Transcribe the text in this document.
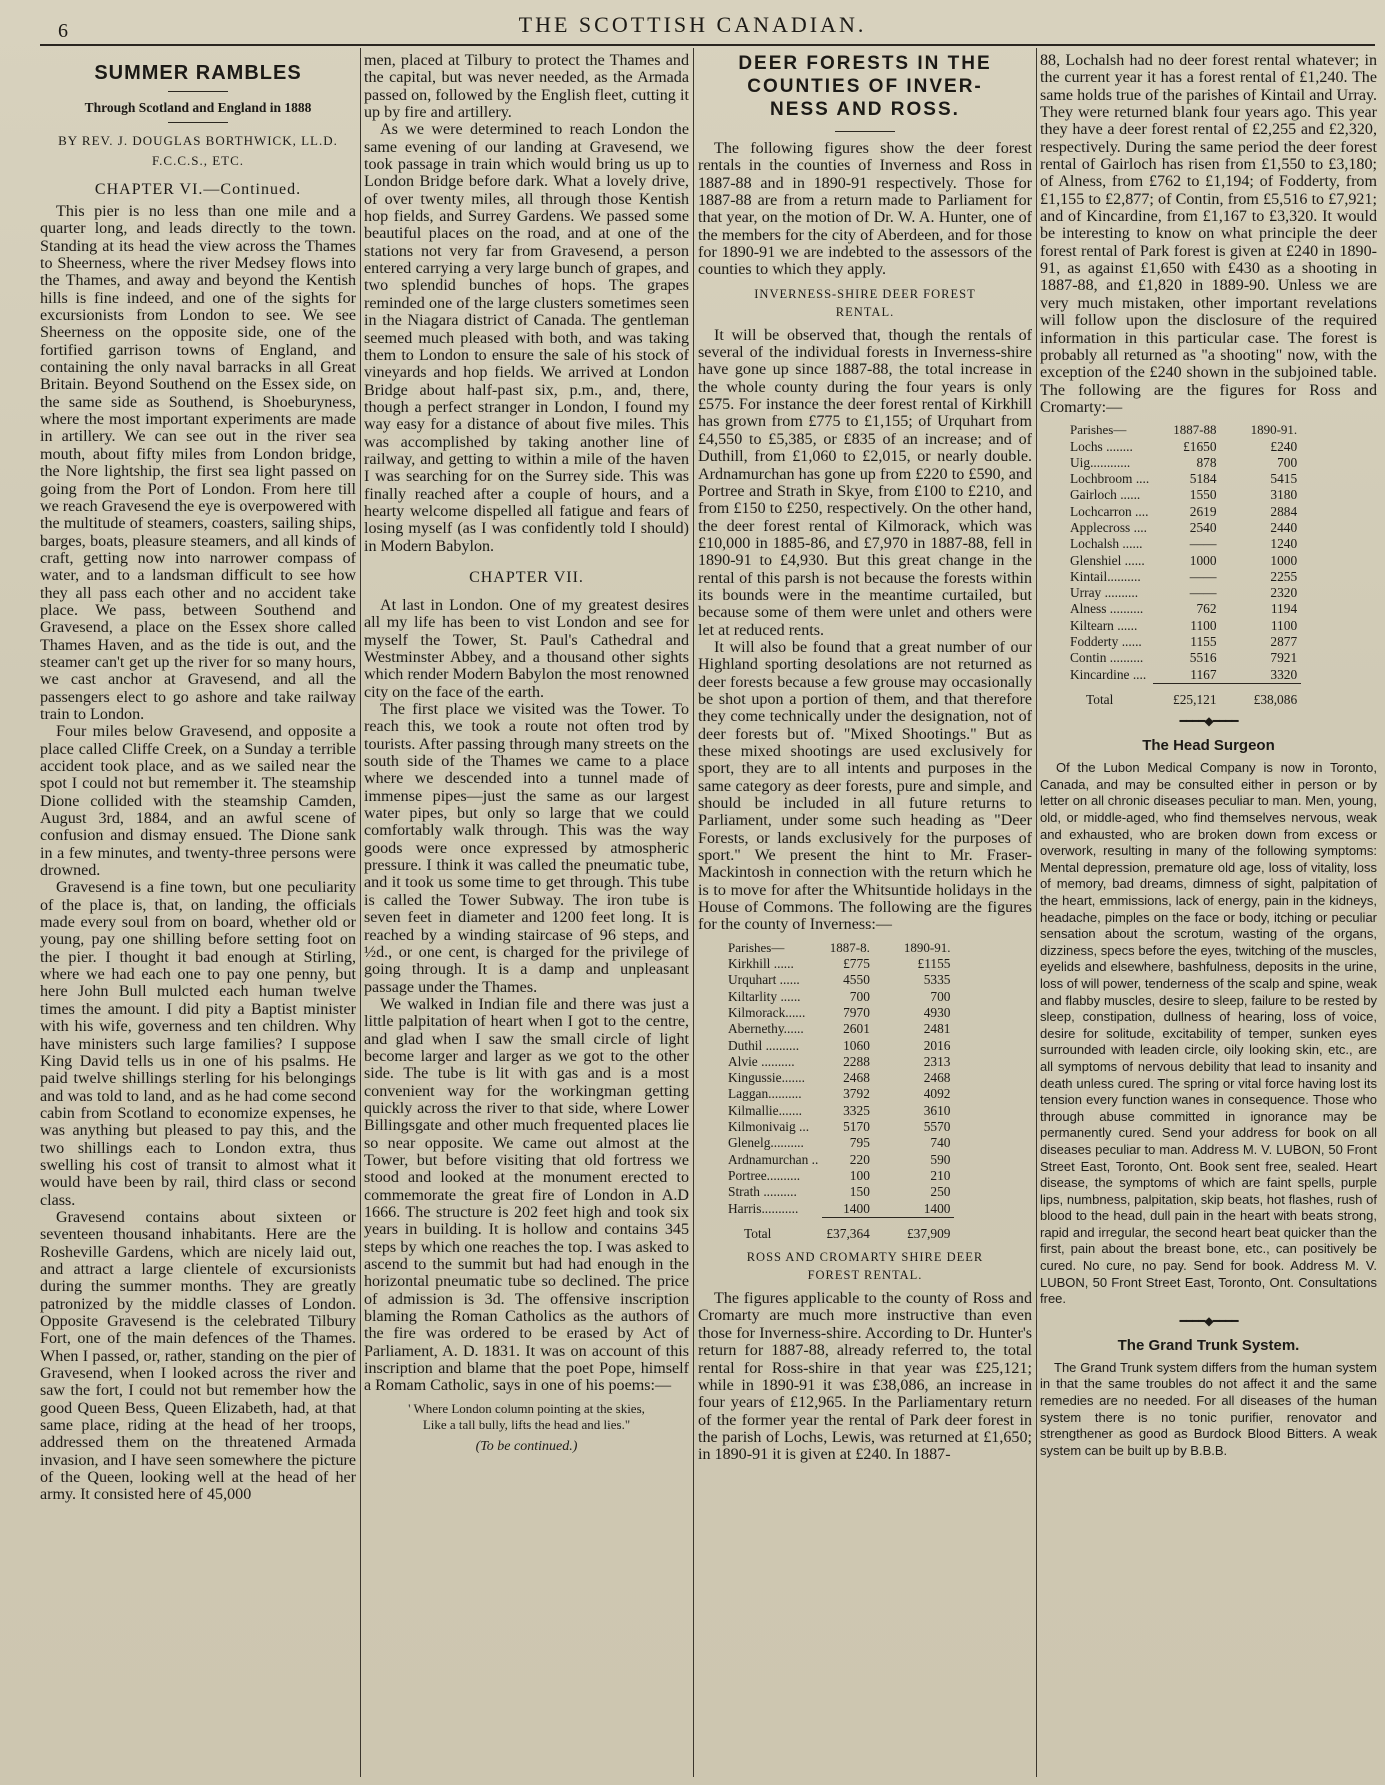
6	THE SCOTTISH CANADIAN.
SUMMER RAMBLES
Through Scotland and England in 1888
BY REV. J. DOUGLAS BORTHWICK, LL.D.
F.C.C.S., ETC.
CHAPTER VI.—Continued.

This pier is no less than one mile and a quarter long, and leads directly to the town. Standing at its head the view across the Thames to Sheerness, where the river Medsey flows into the Thames, and away and beyond the Kentish hills is fine indeed, and one of the sights for excursionists from London to see. We see Sheerness on the opposite side, one of the fortified garrison towns of England, and containing the only naval barracks in all Great Britain. Beyond Southend on the Essex side, on the same side as Southend, is Shoeburyness, where the most important experiments are made in artillery. We can see out in the river sea mouth, about fifty miles from London bridge, the Nore lightship, the first sea light passed on going from the Port of London. From here till we reach Gravesend the eye is overpowered with the multitude of steamers, coasters, sailing ships, barges, boats, pleasure steamers, and all kinds of craft, getting now into narrower compass of water, and to a landsman difficult to see how they all pass each other and no accident take place. We pass, between Southend and Gravesend, a place on the Essex shore called Thames Haven, and as the tide is out, and the steamer can't get up the river for so many hours, we cast anchor at Gravesend, and all the passengers elect to go ashore and take railway train to London.

Four miles below Gravesend, and opposite a place called Cliffe Creek, on a Sunday a terrible accident took place, and as we sailed near the spot I could not but remember it. The steamship Dione collided with the steamship Camden, August 3rd, 1884, and an awful scene of confusion and dismay ensued. The Dione sank in a few minutes, and twenty-three persons were drowned.

Gravesend is a fine town, but one peculiarity of the place is, that, on landing, the officials made every soul from on board, whether old or young, pay one shilling before setting foot on the pier. I thought it bad enough at Stirling, where we had each one to pay one penny, but here John Bull mulcted each human twelve times the amount. I did pity a Baptist minister with his wife, governess and ten children. Why have ministers such large families? I suppose King David tells us in one of his psalms. He paid twelve shillings sterling for his belongings and was told to land, and as he had come second cabin from Scotland to economize expenses, he was anything but pleased to pay this, and the two shillings each to London extra, thus swelling his cost of transit to almost what it would have been by rail, third class or second class.

Gravesend contains about sixteen or seventeen thousand inhabitants. Here are the Rosheville Gardens, which are nicely laid out, and attract a large clientele of excursionists during the summer months. They are greatly patronized by the middle classes of London. Opposite Gravesend is the celebrated Tilbury Fort, one of the main defences of the Thames. When I passed, or, rather, standing on the pier of Gravesend, when I looked across the river and saw the fort, I could not but remember how the good Queen Bess, Queen Elizabeth, had, at that same place, riding at the head of her troops, addressed them on the threatened Armada invasion, and I have seen somewhere the picture of the Queen, looking well at the head of her army. It consisted here of 45,000

men, placed at Tilbury to protect the Thames and the capital, but was never needed, as the Armada passed on, followed by the English fleet, cutting it up by fire and artillery.

As we were determined to reach London the same evening of our landing at Gravesend, we took passage in train which would bring us up to London Bridge before dark. What a lovely drive, of over twenty miles, all through those Kentish hop fields, and Surrey Gardens. We passed some beautiful places on the road, and at one of the stations not very far from Gravesend, a person entered carrying a very large bunch of grapes, and two splendid bunches of hops. The grapes reminded one of the large clusters sometimes seen in the Niagara district of Canada. The gentleman seemed much pleased with both, and was taking them to London to ensure the sale of his stock of vineyards and hop fields. We arrived at London Bridge about half-past six, p.m., and, there, though a perfect stranger in London, I found my way easy for a distance of about five miles. This was accomplished by taking another line of railway, and getting to within a mile of the haven I was searching for on the Surrey side. This was finally reached after a couple of hours, and a hearty welcome dispelled all fatigue and fears of losing myself (as I was confidently told I should) in Modern Babylon.

CHAPTER VII.

At last in London. One of my greatest desires all my life has been to vist London and see for myself the Tower, St. Paul's Cathedral and Westminster Abbey, and a thousand other sights which render Modern Babylon the most renowned city on the face of the earth.

The first place we visited was the Tower. To reach this, we took a route not often trod by tourists. After passing through many streets on the south side of the Thames we came to a place where we descended into a tunnel made of immense pipes—just the same as our largest water pipes, but only so large that we could comfortably walk through. This was the way goods were once expressed by atmospheric pressure. I think it was called the pneumatic tube, and it took us some time to get through. This tube is called the Tower Subway. The iron tube is seven feet in diameter and 1200 feet long. It is reached by a winding staircase of 96 steps, and ½d., or one cent, is charged for the privilege of going through. It is a damp and unpleasant passage under the Thames.

We walked in Indian file and there was just a little palpitation of heart when I got to the centre, and glad when I saw the small circle of light become larger and larger as we got to the other side. The tube is lit with gas and is a most convenient way for the workingman getting quickly across the river to that side, where Lower Billingsgate and other much frequented places lie so near opposite. We came out almost at the Tower, but before visiting that old fortress we stood and looked at the monument erected to commemorate the great fire of London in A.D 1666. The structure is 202 feet high and took six years in building. It is hollow and contains 345 steps by which one reaches the top. I was asked to ascend to the summit but had had enough in the horizontal pneumatic tube so declined. The price of admission is 3d. The offensive inscription blaming the Roman Catholics as the authors of the fire was ordered to be erased by Act of Parliament, A. D. 1831. It was on account of this inscription and blame that the poet Pope, himself a Romam Catholic, says in one of his poems:—

' Where London column pointing at the skies,
Like a tall bully, lifts the head and lies."
(To be continued.)
DEER FORESTS IN THE
COUNTIES OF INVER-
NESS AND ROSS.

The following figures show the deer forest rentals in the counties of Inverness and Ross in 1887-88 and in 1890-91 respectively. Those for 1887-88 are from a return made to Parliament for that year, on the motion of Dr. W. A. Hunter, one of the members for the city of Aberdeen, and for those for 1890-91 we are indebted to the assessors of the counties to which they apply.

INVERNESS-SHIRE DEER FOREST
RENTAL.

It will be observed that, though the rentals of several of the individual forests in Inverness-shire have gone up since 1887-88, the total increase in the whole county during the four years is only £575. For instance the deer forest rental of Kirkhill has grown from £775 to £1,155; of Urquhart from £4,550 to £5,385, or £835 of an increase; and of Duthill, from £1,060 to £2,015, or nearly double. Ardnamurchan has gone up from £220 to £590, and Portree and Strath in Skye, from £100 to £210, and from £150 to £250, respectively. On the other hand, the deer forest rental of Kilmorack, which was £10,000 in 1885-86, and £7,970 in 1887-88, fell in 1890-91 to £4,930. But this great change in the rental of this parsh is not because the forests within its bounds were in the meantime curtailed, but because some of them were unlet and others were let at reduced rents.

It will also be found that a great number of our Highland sporting desolations are not returned as deer forests because a few grouse may occasionally be shot upon a portion of them, and that therefore they come technically under the designation, not of deer forests but of. "Mixed Shootings." But as these mixed shootings are used exclusively for sport, they are to all intents and purposes in the same category as deer forests, pure and simple, and should be included in all future returns to Parliament, under some such heading as "Deer Forests, or lands exclusively for the purposes of sport." We present the hint to Mr. Fraser-Mackintosh in connection with the return which he is to move for after the Whitsuntide holidays in the House of Commons. The following are the figures for the county of Inverness:—

Parishes—	1887-8.	1890-91.
Kirkhill ......	£775	£1155
Urquhart ......	4550	5335
Kiltarlity ......	700	700
Kilmorack......	7970	4930
Abernethy......	2601	2481
Duthil ..........	1060	2016
Alvie ..........	2288	2313
Kingussie.......	2468	2468
Laggan..........	3792	4092
Kilmallie.......	3325	3610
Kilmonivaig ...	5170	5570
Glenelg..........	795	740
Ardnamurchan ..	220	590
Portree..........	100	210
Strath ..........	150	250
Harris...........	1400	1400
Total	£37,364	£37,909
ROSS AND CROMARTY SHIRE DEER
FOREST RENTAL.

The figures applicable to the county of Ross and Cromarty are much more instructive than even those for Inverness-shire. According to Dr. Hunter's return for 1887-88, already referred to, the total rental for Ross-shire in that year was £25,121; while in 1890-91 it was £38,086, an increase in four years of £12,965. In the Parliamentary return of the former year the rental of Park deer forest in the parish of Lochs, Lewis, was returned at £1,650; in 1890-91 it is given at £240. In 1887-

88, Lochalsh had no deer forest rental whatever; in the current year it has a forest rental of £1,240. The same holds true of the parishes of Kintail and Urray. They were returned blank four years ago. This year they have a deer forest rental of £2,255 and £2,320, respectively. During the same period the deer forest rental of Gairloch has risen from £1,550 to £3,180; of Alness, from £762 to £1,194; of Fodderty, from £1,155 to £2,877; of Contin, from £5,516 to £7,921; and of Kincardine, from £1,167 to £3,320. It would be interesting to know on what principle the deer forest rental of Park forest is given at £240 in 1890-91, as against £1,650 with £430 as a shooting in 1887-88, and £1,820 in 1889-90. Unless we are very much mistaken, other important revelations will follow upon the disclosure of the required information in this particular case. The forest is probably all returned as "a shooting" now, with the exception of the £240 shown in the subjoined table. The following are the figures for Ross and Cromarty:—

Parishes—	1887-88	1890-91.
Lochs ........	£1650	£240
Uig............	878	700
Lochbroom ....	5184	5415
Gairloch ......	1550	3180
Lochcarron ....	2619	2884
Applecross ....	2540	2440
Lochalsh ......	——	1240
Glenshiel ......	1000	1000
Kintail..........	——	2255
Urray ..........	——	2320
Alness ..........	762	1194
Kiltearn ......	1100	1100
Fodderty ......	1155	2877
Contin ..........	5516	7921
Kincardine ....	1167	3320
Total	£25,121	£38,086
━━━━◆━━━━
The Head Surgeon

Of the Lubon Medical Company is now in Toronto, Canada, and may be consulted either in person or by letter on all chronic diseases peculiar to man. Men, young, old, or middle-aged, who find themselves nervous, weak and exhausted, who are broken down from excess or overwork, resulting in many of the following symptoms: Mental depression, premature old age, loss of vitality, loss of memory, bad dreams, dimness of sight, palpitation of the heart, emmissions, lack of energy, pain in the kidneys, headache, pimples on the face or body, itching or peculiar sensation about the scrotum, wasting of the organs, dizziness, specs before the eyes, twitching of the muscles, eyelids and elsewhere, bashfulness, deposits in the urine, loss of will power, tenderness of the scalp and spine, weak and flabby muscles, desire to sleep, failure to be rested by sleep, constipation, dullness of hearing, loss of voice, desire for solitude, excitability of temper, sunken eyes surrounded with leaden circle, oily looking skin, etc., are all symptoms of nervous debility that lead to insanity and death unless cured. The spring or vital force having lost its tension every function wanes in consequence. Those who through abuse committed in ignorance may be permanently cured. Send your address for book on all diseases peculiar to man. Address M. V. LUBON, 50 Front Street East, Toronto, Ont. Book sent free, sealed. Heart disease, the symptoms of which are faint spells, purple lips, numbness, palpitation, skip beats, hot flashes, rush of blood to the head, dull pain in the heart with beats strong, rapid and irregular, the second heart beat quicker than the first, pain about the breast bone, etc., can positively be cured. No cure, no pay. Send for book. Address M. V. LUBON, 50 Front Street East, Toronto, Ont. Consultations free.

━━━━◆━━━━
The Grand Trunk System.

The Grand Trunk system differs from the human system in that the same troubles do not affect it and the same remedies are no needed. For all diseases of the human system there is no tonic purifier, renovator and strengthener as good as Burdock Blood Bitters. A weak system can be built up by B.B.B.
